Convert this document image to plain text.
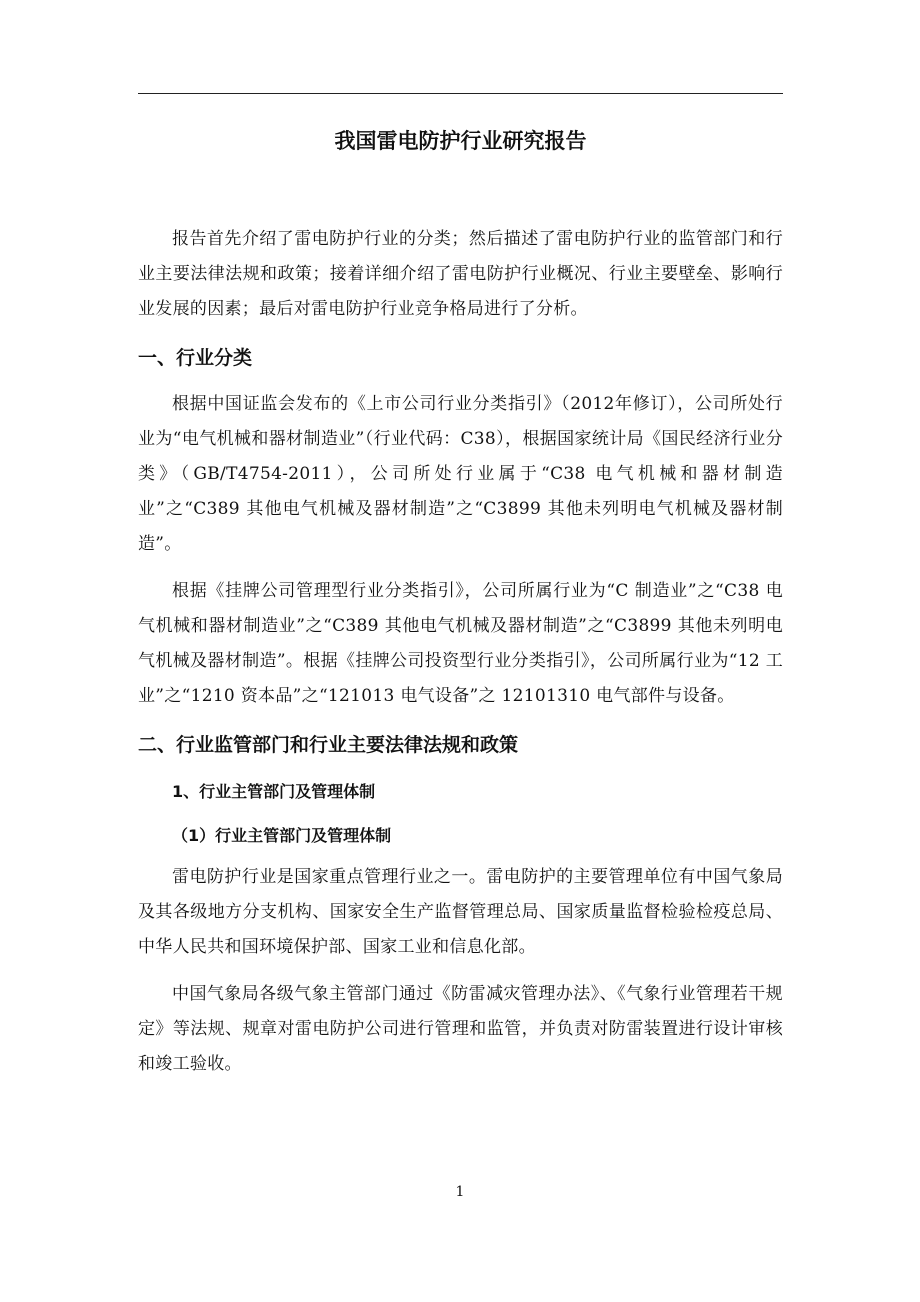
我国雷电防护行业研究报告

报告首先介绍了雷电防护行业的分类；然后描述了雷电防护行业的监管部门和行业主要法律法规和政策；接着详细介绍了雷电防护行业概况、行业主要壁垒、影响行业发展的因素；最后对雷电防护行业竞争格局进行了分析。

一、行业分类

根据中国证监会发布的《上市公司行业分类指引》（2012年修订），公司所处行业为“电气机械和器材制造业”（行业代码：C38），根据国家统计局《国民经济行业分类》（GB/T4754-2011），公司所处行业属于“C38 电气机械和器材制造业”之“C389 其他电气机械及器材制造”之“C3899 其他未列明电气机械及器材制造”。

根据《挂牌公司管理型行业分类指引》，公司所属行业为“C 制造业”之“C38 电气机械和器材制造业”之“C389 其他电气机械及器材制造”之“C3899 其他未列明电气机械及器材制造”。根据《挂牌公司投资型行业分类指引》，公司所属行业为“12 工业”之“1210 资本品”之“121013 电气设备”之 12101310 电气部件与设备。

二、行业监管部门和行业主要法律法规和政策
1、行业主管部门及管理体制
（1）行业主管部门及管理体制

雷电防护行业是国家重点管理行业之一。雷电防护的主要管理单位有中国气象局及其各级地方分支机构、国家安全生产监督管理总局、国家质量监督检验检疫总局、中华人民共和国环境保护部、国家工业和信息化部。

中国气象局各级气象主管部门通过《防雷减灾管理办法》、《气象行业管理若干规定》等法规、规章对雷电防护公司进行管理和监管，并负责对防雷装置进行设计审核和竣工验收。

1
